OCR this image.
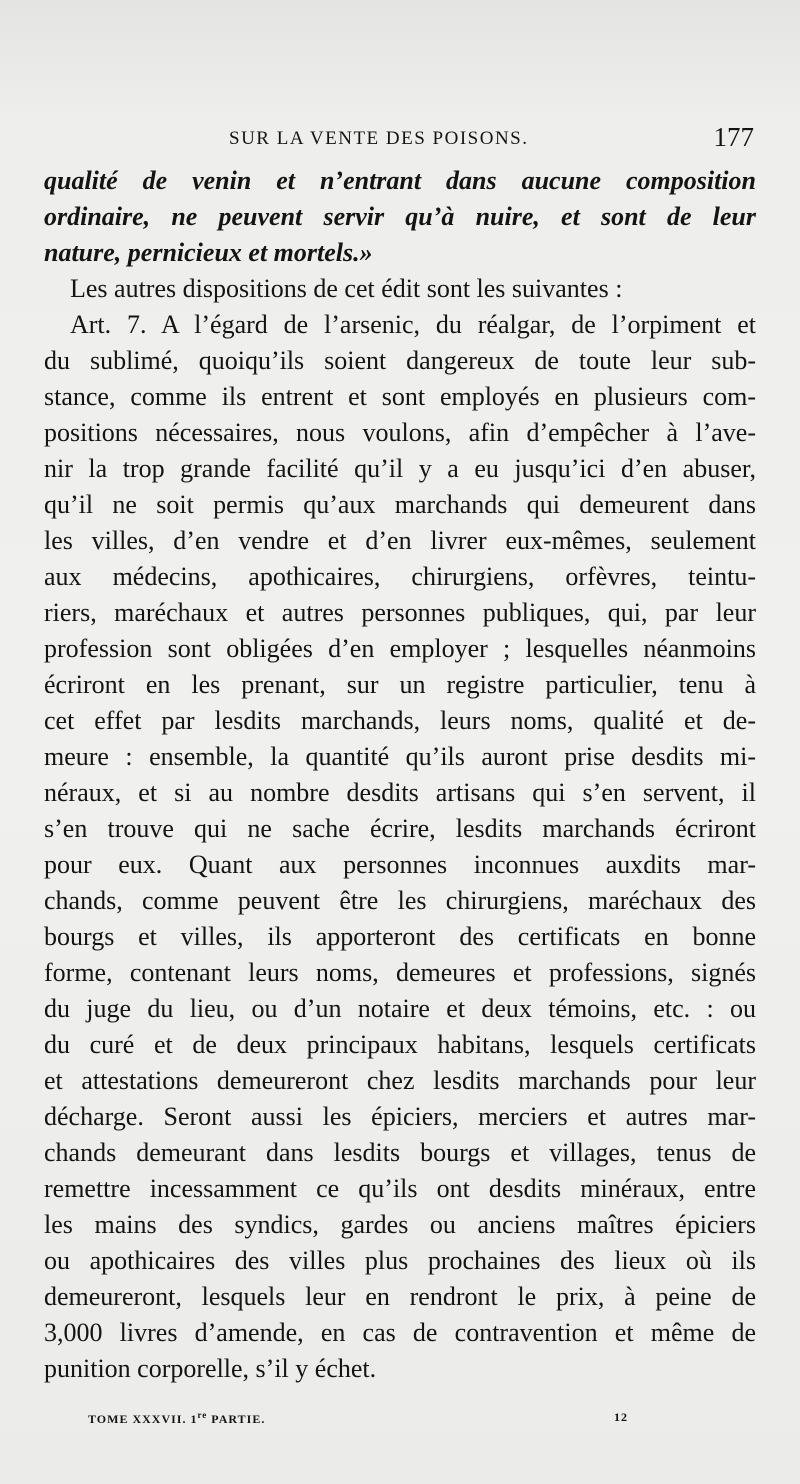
SUR LA VENTE DES POISONS.	177
qualité de venin et n’entrant dans aucune composition
ordinaire, ne peuvent servir qu’à nuire, et sont de leur
nature, pernicieux et mortels.»
Les autres dispositions de cet édit sont les suivantes :
Art. 7. A l’égard de l’arsenic, du réalgar, de l’orpiment et
du sublimé, quoiqu’ils soient dangereux de toute leur sub-
stance, comme ils entrent et sont employés en plusieurs com-
positions nécessaires, nous voulons, afin d’empêcher à l’ave-
nir la trop grande facilité qu’il y a eu jusqu’ici d’en abuser,
qu’il ne soit permis qu’aux marchands qui demeurent dans
les villes, d’en vendre et d’en livrer eux-mêmes, seulement
aux médecins, apothicaires, chirurgiens, orfèvres, teintu-
riers, maréchaux et autres personnes publiques, qui, par leur
profession sont obligées d’en employer ; lesquelles néanmoins
écriront en les prenant, sur un registre particulier, tenu à
cet effet par lesdits marchands, leurs noms, qualité et de-
meure : ensemble, la quantité qu’ils auront prise desdits mi-
néraux, et si au nombre desdits artisans qui s’en servent, il
s’en trouve qui ne sache écrire, lesdits marchands écriront
pour eux. Quant aux personnes inconnues auxdits mar-
chands, comme peuvent être les chirurgiens, maréchaux des
bourgs et villes, ils apporteront des certificats en bonne
forme, contenant leurs noms, demeures et professions, signés
du juge du lieu, ou d’un notaire et deux témoins, etc. : ou
du curé et de deux principaux habitans, lesquels certificats
et attestations demeureront chez lesdits marchands pour leur
décharge. Seront aussi les épiciers, merciers et autres mar-
chands demeurant dans lesdits bourgs et villages, tenus de
remettre incessamment ce qu’ils ont desdits minéraux, entre
les mains des syndics, gardes ou anciens maîtres épiciers
ou apothicaires des villes plus prochaines des lieux où ils
demeureront, lesquels leur en rendront le prix, à peine de
3,000 livres d’amende, en cas de contravention et même de
punition corporelle, s’il y échet.
TOME XXXVII. 1re PARTIE.	12
